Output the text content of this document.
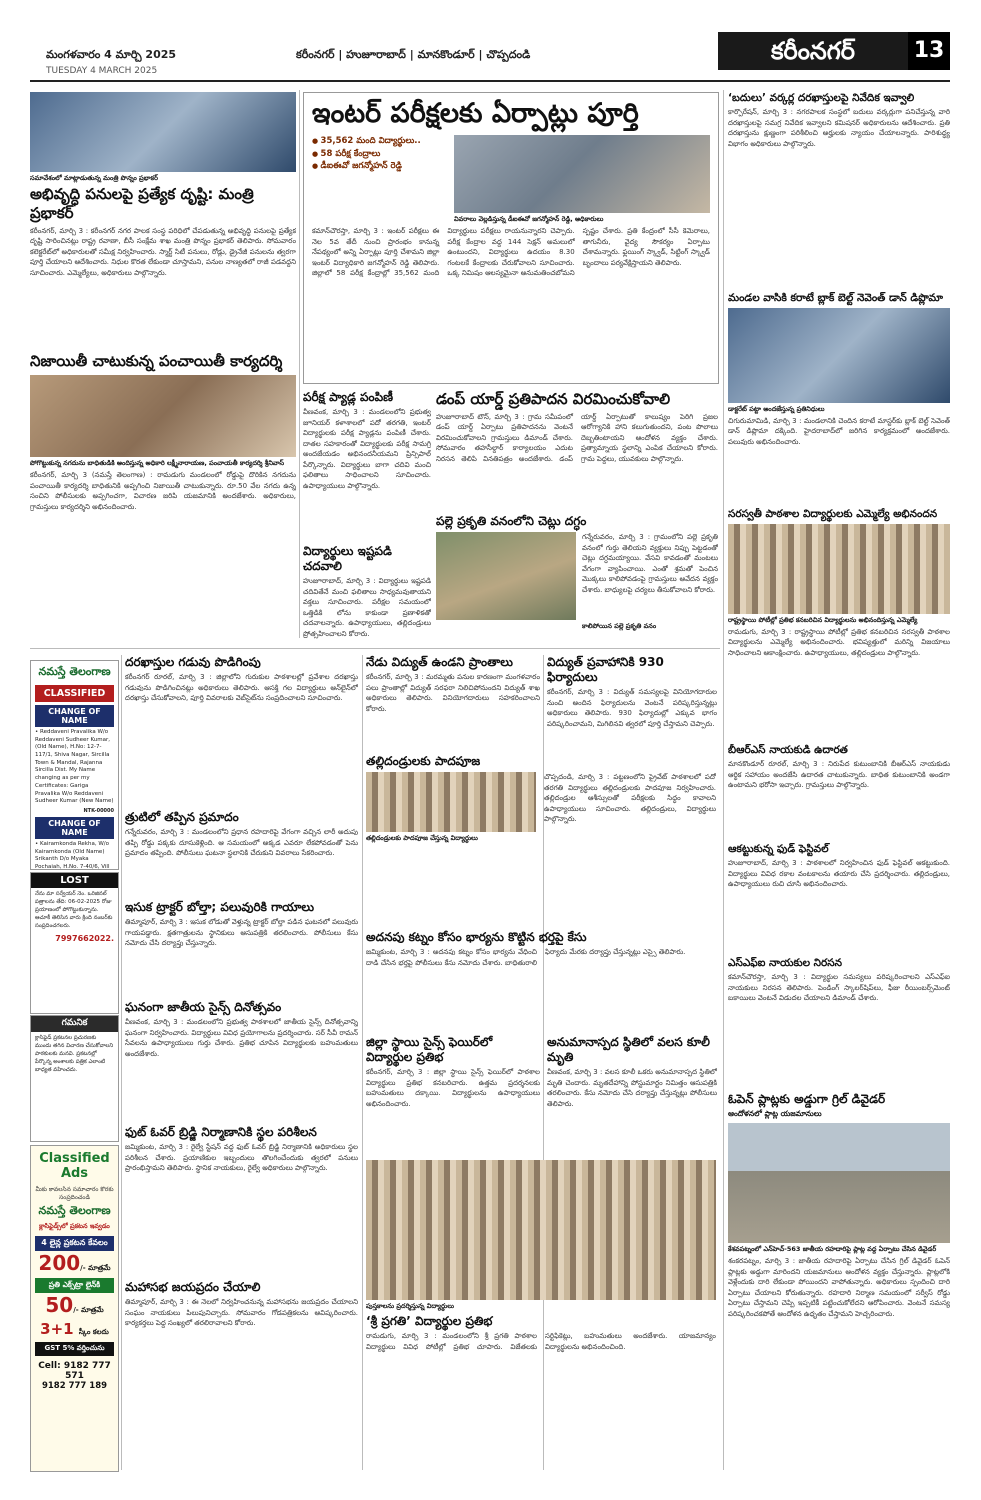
మంగళవారం 4 మార్చి 2025
TUESDAY 4 MARCH 2025
కరీంనగర్ | హుజూరాబాద్ | మానకొండూర్ | చొప్పదండి	కరీంనగర్	13
సమావేశంలో మాట్లాడుతున్న మంత్రి పొన్నం ప్రభాకర్
అభివృద్ధి పనులపై ప్రత్యేక దృష్టి: మంత్రి ప్రభాకర్
కరీంనగర్, మార్చి 3 : కరీంనగర్ నగర పాలక సంస్థ పరిధిలో చేపడుతున్న అభివృద్ధి పనులపై ప్రత్యేక దృష్టి సారించినట్లు రాష్ట్ర రవాణా, బీసీ సంక్షేమ శాఖ మంత్రి పొన్నం ప్రభాకర్ తెలిపారు. సోమవారం కలెక్టరేట్‌లో అధికారులతో సమీక్ష నిర్వహించారు. స్మార్ట్ సిటీ పనులు, రోడ్లు, డ్రైనేజీ పనులను త్వరగా పూర్తి చేయాలని ఆదేశించారు. నిధుల కొరత లేకుండా చూస్తామని, పనుల నాణ్యతలో రాజీ పడవద్దని సూచించారు. ఎమ్మెల్యేలు, అధికారులు పాల్గొన్నారు.
నిజాయితీ చాటుకున్న పంచాయితీ కార్యదర్శి
పోగొట్టుకున్న నగదును బాధితుడికి అందిస్తున్న అధికారి లక్ష్మీనారాయణ, పంచాయతీ కార్యదర్శి శ్రీనివాస్
కరీంనగర్, మార్చి 3 (నమస్తే తెలంగాణ) : రామడుగు మండలంలో రోడ్డుపై దొరికిన నగదును పంచాయితీ కార్యదర్శి బాధితునికి అప్పగించి నిజాయితీ చాటుకున్నారు. రూ.50 వేల నగదు ఉన్న సంచిని పోలీసులకు అప్పగించగా, విచారణ జరిపి యజమానికి అందజేశారు. అధికారులు, గ్రామస్తులు కార్యదర్శిని అభినందించారు.
ఇంటర్ పరీక్షలకు ఏర్పాట్లు పూర్తి
● 35,562 మంది విద్యార్థులు..
● 58 పరీక్ష కేంద్రాలు
● డీఐఈవో జగన్మోహన్ రెడ్డి
వివరాలు వెల్లడిస్తున్న డీఐఈవో జగన్మోహన్ రెడ్డి, అధికారులు
కమాన్‌చౌరస్తా, మార్చి 3 : ఇంటర్ పరీక్షలు ఈ నెల 5వ తేదీ నుంచి ప్రారంభం కానున్న నేపథ్యంలో అన్ని ఏర్పాట్లు పూర్తి చేశామని జిల్లా ఇంటర్ విద్యాధికారి జగన్మోహన్ రెడ్డి తెలిపారు. జిల్లాలో 58 పరీక్ష కేంద్రాల్లో 35,562 మంది విద్యార్థులు పరీక్షలు రాయనున్నారని చెప్పారు. పరీక్ష కేంద్రాల వద్ద 144 సెక్షన్ అమలులో ఉంటుందని, విద్యార్థులు ఉదయం 8.30 గంటలకే కేంద్రాలకు చేరుకోవాలని సూచించారు. ఒక్క నిమిషం ఆలస్యమైనా అనుమతించబోమని స్పష్టం చేశారు. ప్రతి కేంద్రంలో సీసీ కెమెరాలు, తాగునీరు, వైద్య సౌకర్యం ఏర్పాటు చేశామన్నారు. ఫ్లయింగ్ స్క్వాడ్, సిట్టింగ్ స్క్వాడ్ బృందాలు పర్యవేక్షిస్తాయని తెలిపారు.
పరీక్ష ప్యాడ్ల పంపిణీ
వీణవంక, మార్చి 3 : మండలంలోని ప్రభుత్వ జూనియర్ కళాశాలలో పదో తరగతి, ఇంటర్ విద్యార్థులకు పరీక్ష ప్యాడ్లను పంపిణీ చేశారు. దాతల సహకారంతో విద్యార్థులకు పరీక్ష సామగ్రి అందజేయడం అభినందనీయమని ప్రిన్సిపాల్ పేర్కొన్నారు. విద్యార్థులు బాగా చదివి మంచి ఫలితాలు సాధించాలని సూచించారు. ఉపాధ్యాయులు పాల్గొన్నారు.
విద్యార్థులు ఇష్టపడి చదవాలి
హుజూరాబాద్, మార్చి 3 : విద్యార్థులు ఇష్టపడి చదివితేనే మంచి ఫలితాలు సాధ్యమవుతాయని వక్తలు సూచించారు. పరీక్షల సమయంలో ఒత్తిడికి లోను కాకుండా ప్రణాళికతో చదవాలన్నారు. ఉపాధ్యాయులు, తల్లిదండ్రులు ప్రోత్సహించాలని కోరారు.
డంప్ యార్డ్ ప్రతిపాదన విరమించుకోవాలి
హుజూరాబాద్ టౌన్, మార్చి 3 : గ్రామ సమీపంలో డంప్ యార్డ్ ఏర్పాటు ప్రతిపాదనను వెంటనే విరమించుకోవాలని గ్రామస్తులు డిమాండ్ చేశారు. సోమవారం తహసీల్దార్ కార్యాలయం ఎదుట నిరసన తెలిపి వినతిపత్రం అందజేశారు. డంప్ యార్డ్ ఏర్పాటుతో కాలుష్యం పెరిగి ప్రజల ఆరోగ్యానికి హాని కలుగుతుందని, పంట పొలాలు దెబ్బతింటాయని ఆందోళన వ్యక్తం చేశారు. ప్రత్యామ్నాయ స్థలాన్ని ఎంపిక చేయాలని కోరారు. గ్రామ పెద్దలు, యువకులు పాల్గొన్నారు.
పల్లె ప్రకృతి వనంలోని చెట్లు దగ్ధం
గన్నేరువరం, మార్చి 3 : గ్రామంలోని పల్లె ప్రకృతి వనంలో గుర్తు తెలియని వ్యక్తులు నిప్పు పెట్టడంతో చెట్లు దగ్ధమయ్యాయి. వేసవి కావడంతో మంటలు వేగంగా వ్యాపించాయి. ఎంతో శ్రమతో పెంచిన మొక్కలు కాలిపోవడంపై గ్రామస్తులు ఆవేదన వ్యక్తం చేశారు. బాధ్యులపై చర్యలు తీసుకోవాలని కోరారు.
కాలిపోయిన పల్లె ప్రకృతి వనం
నమస్తే తెలంగాణ
CLASSIFIED
CHANGE OF NAME
• Reddaveni Pravalika W/o Reddaveni Sudheer Kumar, (Old Name), H.No: 12-7-117/1, Shiva Nagar, Sircilla Town & Mandal, Rajanna Sircilla Dist. My Name changing as per my Certificates: Gariga Pravalika W/o Reddaveni Sudheer Kumar (New Name)
NTK-00000
CHANGE OF NAME
• Kairamkonda Rekha, W/o Kairamkonda (Old Name) Srikanth D/o Myaka Pochaiah, H.No. 7-40/6, Vill
LOST
నేను మా సర్వేయర్ నెం. ఒరిజినల్ పత్రాలను తేది: 06-02-2025 రోజు ప్రయాణంలో పోగొట్టుకున్నాను. ఆచూకీ తెలిసిన వారు క్రింది నంబర్‌కు సంప్రదించగలరు.
7997662022.
గమనిక
క్లాసిఫైడ్ ప్రకటనల ప్రచురణకు ముందు తగిన విచారణ చేసుకోవాలని పాఠకులకు మనవి. ప్రకటనల్లో పేర్కొన్న అంశాలకు పత్రిక ఎలాంటి బాధ్యత వహించదు.
Classified
Ads
మీకు కావలసిన సమాచారం కొరకు సంప్రదించండి
నమస్తే తెలంగాణ
క్లాసిఫైడ్స్‌లో ప్రకటన ఇవ్వడం
4 లైన్ల ప్రకటన కేవలం
200/- మాత్రమే
ప్రతి ఎక్స్‌ట్రా లైన్‌కి
50/- మాత్రమే
3+1 స్కీం కలదు
GST 5% వర్తించును
Cell: 9182 777 571
9182 777 189
దరఖాస్తుల గడువు పొడిగింపు
కరీంనగర్ రూరల్, మార్చి 3 : జిల్లాలోని గురుకుల పాఠశాలల్లో ప్రవేశాల దరఖాస్తు గడువును పొడిగించినట్లు అధికారులు తెలిపారు. ఆసక్తి గల విద్యార్థులు ఆన్‌లైన్‌లో దరఖాస్తు చేసుకోవాలని, పూర్తి వివరాలకు వెబ్‌సైట్‌ను సంప్రదించాలని సూచించారు.
త్రుటిలో తప్పిన ప్రమాదం
గన్నేరువరం, మార్చి 3 : మండలంలోని ప్రధాన రహదారిపై వేగంగా వచ్చిన లారీ అదుపు తప్పి రోడ్డు పక్కకు దూసుకెళ్లింది. ఆ సమయంలో అక్కడ ఎవరూ లేకపోవడంతో పెను ప్రమాదం తప్పింది. పోలీసులు ఘటనా స్థలానికి చేరుకుని వివరాలు సేకరించారు.
ఇసుక ట్రాక్టర్ బోల్తా; పలువురికి గాయాలు
తిమ్మాపూర్, మార్చి 3 : ఇసుక లోడుతో వెళ్తున్న ట్రాక్టర్ బోల్తా పడిన ఘటనలో పలువురు గాయపడ్డారు. క్షతగాత్రులను స్థానికులు ఆసుపత్రికి తరలించారు. పోలీసులు కేసు నమోదు చేసి దర్యాప్తు చేస్తున్నారు.
ఘనంగా జాతీయ సైన్స్ దినోత్సవం
వీణవంక, మార్చి 3 : మండలంలోని ప్రభుత్వ పాఠశాలలో జాతీయ సైన్స్ దినోత్సవాన్ని ఘనంగా నిర్వహించారు. విద్యార్థులు వివిధ ప్రయోగాలను ప్రదర్శించారు. సర్ సీవీ రామన్ సేవలను ఉపాధ్యాయులు గుర్తు చేశారు. ప్రతిభ చూపిన విద్యార్థులకు బహుమతులు అందజేశారు.
ఫుట్ ఓవర్ బ్రిడ్జి నిర్మాణానికి స్థల పరిశీలన
జమ్మికుంట, మార్చి 3 : రైల్వే స్టేషన్ వద్ద ఫుట్ ఓవర్ బ్రిడ్జి నిర్మాణానికి అధికారులు స్థల పరిశీలన చేశారు. ప్రయాణికుల ఇబ్బందులు తొలగించేందుకు త్వరలో పనులు ప్రారంభిస్తామని తెలిపారు. స్థానిక నాయకులు, రైల్వే అధికారులు పాల్గొన్నారు.
మహాసభ జయప్రదం చేయాలి
తిమ్మాపూర్, మార్చి 3 : ఈ నెలలో నిర్వహించనున్న మహాసభను జయప్రదం చేయాలని సంఘం నాయకులు పిలుపునిచ్చారు. సోమవారం గోడపత్రికలను ఆవిష్కరించారు. కార్యకర్తలు పెద్ద సంఖ్యలో తరలిరావాలని కోరారు.
నేడు విద్యుత్ ఉండని ప్రాంతాలు
కరీంనగర్, మార్చి 3 : మరమ్మతు పనుల కారణంగా మంగళవారం పలు ప్రాంతాల్లో విద్యుత్ సరఫరా నిలిచిపోనుందని విద్యుత్ శాఖ అధికారులు తెలిపారు. వినియోగదారులు సహకరించాలని కోరారు.
తల్లిదండ్రులకు పాదపూజ
తల్లిదండ్రులకు పాదపూజ చేస్తున్న విద్యార్థులు
చొప్పదండి, మార్చి 3 : పట్టణంలోని ప్రైవేట్ పాఠశాలలో పదో తరగతి విద్యార్థులు తల్లిదండ్రులకు పాదపూజ నిర్వహించారు. తల్లిదండ్రుల ఆశీస్సులతో పరీక్షలకు సిద్ధం కావాలని ఉపాధ్యాయులు సూచించారు. తల్లిదండ్రులు, విద్యార్థులు పాల్గొన్నారు.
అదనపు కట్నం కోసం భార్యను కొట్టిన భర్తపై కేసు
జమ్మికుంట, మార్చి 3 : అదనపు కట్నం కోసం భార్యను వేధించి దాడి చేసిన భర్తపై పోలీసులు కేసు నమోదు చేశారు. బాధితురాలి ఫిర్యాదు మేరకు దర్యాప్తు చేస్తున్నట్లు ఎస్సై తెలిపారు.
జిల్లా స్థాయి సైన్స్ ఫెయిర్‌లో విద్యార్థుల ప్రతిభ
కరీంనగర్, మార్చి 3 : జిల్లా స్థాయి సైన్స్ ఫెయిర్‌లో పాఠశాల విద్యార్థులు ప్రతిభ కనబరిచారు. ఉత్తమ ప్రదర్శనలకు బహుమతులు దక్కాయి. విద్యార్థులను ఉపాధ్యాయులు అభినందించారు.
పుస్తకాలను ప్రదర్శిస్తున్న విద్యార్థులు
‘శ్రీ ప్రగతి’ విద్యార్థుల ప్రతిభ
రామడుగు, మార్చి 3 : మండలంలోని శ్రీ ప్రగతి పాఠశాల విద్యార్థులు వివిధ పోటీల్లో ప్రతిభ చూపారు. విజేతలకు సర్టిఫికెట్లు, బహుమతులు అందజేశారు. యాజమాన్యం విద్యార్థులను అభినందించింది.
విద్యుత్ ప్రవాహానికి 930 ఫిర్యాదులు
కరీంనగర్, మార్చి 3 : విద్యుత్ సమస్యలపై వినియోగదారుల నుంచి అందిన ఫిర్యాదులను వెంటనే పరిష్కరిస్తున్నట్లు అధికారులు తెలిపారు. 930 ఫిర్యాదుల్లో ఎక్కువ భాగం పరిష్కరించామని, మిగిలినవి త్వరలో పూర్తి చేస్తామని చెప్పారు.
అనుమానాస్పద స్థితిలో వలస కూలీ మృతి
వీణవంక, మార్చి 3 : వలస కూలీ ఒకరు అనుమానాస్పద స్థితిలో మృతి చెందారు. మృతదేహాన్ని పోస్టుమార్టం నిమిత్తం ఆసుపత్రికి తరలించారు. కేసు నమోదు చేసి దర్యాప్తు చేస్తున్నట్లు పోలీసులు తెలిపారు.
‘బదులు’ వర్కర్ల దరఖాస్తులపై నివేదిక ఇవ్వాలి
కార్పొరేషన్, మార్చి 3 : నగరపాలక సంస్థలో బదులు వర్కర్లుగా పనిచేస్తున్న వారి దరఖాస్తులపై సమగ్ర నివేదిక ఇవ్వాలని కమిషనర్ అధికారులను ఆదేశించారు. ప్రతి దరఖాస్తును క్షుణ్ణంగా పరిశీలించి అర్హులకు న్యాయం చేయాలన్నారు. పారిశుద్ధ్య విభాగం అధికారులు పాల్గొన్నారు.
మండల వాసికి కరాటే బ్లాక్ బెల్ట్ నెవెంత్ డాన్ డిప్లొమా
డాక్టరేట్ పట్టా అందజేస్తున్న ప్రతినిధులు
చిగురుమామిడి, మార్చి 3 : మండలానికి చెందిన కరాటే మాస్టర్‌కు బ్లాక్ బెల్ట్ సెవెంత్ డాన్ డిప్లొమా దక్కింది. హైదరాబాద్‌లో జరిగిన కార్యక్రమంలో అందజేశారు. పలువురు అభినందించారు.
సరస్వతీ పాఠశాల విద్యార్థులకు ఎమ్మెల్యే అభినందన
రాష్ట్రస్థాయి పోటీల్లో ప్రతిభ కనబరిచిన విద్యార్థులను అభినందిస్తున్న ఎమ్మెల్యే
రామడుగు, మార్చి 3 : రాష్ట్రస్థాయి పోటీల్లో ప్రతిభ కనబరిచిన సరస్వతీ పాఠశాల విద్యార్థులను ఎమ్మెల్యే అభినందించారు. భవిష్యత్తులో మరిన్ని విజయాలు సాధించాలని ఆకాంక్షించారు. ఉపాధ్యాయులు, తల్లిదండ్రులు పాల్గొన్నారు.
బీఆర్ఎస్ నాయకుడి ఉదారత
మానకొండూర్ రూరల్, మార్చి 3 : నిరుపేద కుటుంబానికి బీఆర్ఎస్ నాయకుడు ఆర్థిక సహాయం అందజేసి ఉదారత చాటుకున్నారు. బాధిత కుటుంబానికి అండగా ఉంటామని భరోసా ఇచ్చారు. గ్రామస్తులు పాల్గొన్నారు.
ఆకట్టుకున్న ఫుడ్ ఫెస్టివల్
హుజూరాబాద్, మార్చి 3 : పాఠశాలలో నిర్వహించిన ఫుడ్ ఫెస్టివల్ ఆకట్టుకుంది. విద్యార్థులు వివిధ రకాల వంటకాలను తయారు చేసి ప్రదర్శించారు. తల్లిదండ్రులు, ఉపాధ్యాయులు రుచి చూసి అభినందించారు.
ఎస్ఎఫ్ఐ నాయకుల నిరసన
కమాన్‌చౌరస్తా, మార్చి 3 : విద్యార్థుల సమస్యలు పరిష్కరించాలని ఎస్ఎఫ్ఐ నాయకులు నిరసన తెలిపారు. పెండింగ్ స్కాలర్‌షిప్‌లు, ఫీజు రీయింబర్స్‌మెంట్ బకాయిలు వెంటనే విడుదల చేయాలని డిమాండ్ చేశారు.
ఓపెన్ ప్లాట్లకు అడ్డుగా గ్రిల్ డివైడర్
ఆందోళనలో ప్లాట్ల యజమానులు
కేశవపట్నంలో ఎన్‌హెచ్-563 జాతీయ రహదారిపై ప్లాట్ల వద్ద ఏర్పాటు చేసిన డివైడర్
శంకరపట్నం, మార్చి 3 : జాతీయ రహదారిపై ఏర్పాటు చేసిన గ్రిల్ డివైడర్ ఓపెన్ ప్లాట్లకు అడ్డుగా మారిందని యజమానులు ఆందోళన వ్యక్తం చేస్తున్నారు. ప్లాట్లలోకి వెళ్లేందుకు దారి లేకుండా పోయిందని వాపోతున్నారు. అధికారులు స్పందించి దారి ఏర్పాటు చేయాలని కోరుతున్నారు. రహదారి నిర్మాణ సమయంలో సర్వీస్ రోడ్డు ఏర్పాటు చేస్తామని చెప్పి ఇప్పటికీ పట్టించుకోలేదని ఆరోపించారు. వెంటనే సమస్య పరిష్కరించకపోతే ఆందోళన ఉధృతం చేస్తామని హెచ్చరించారు.
